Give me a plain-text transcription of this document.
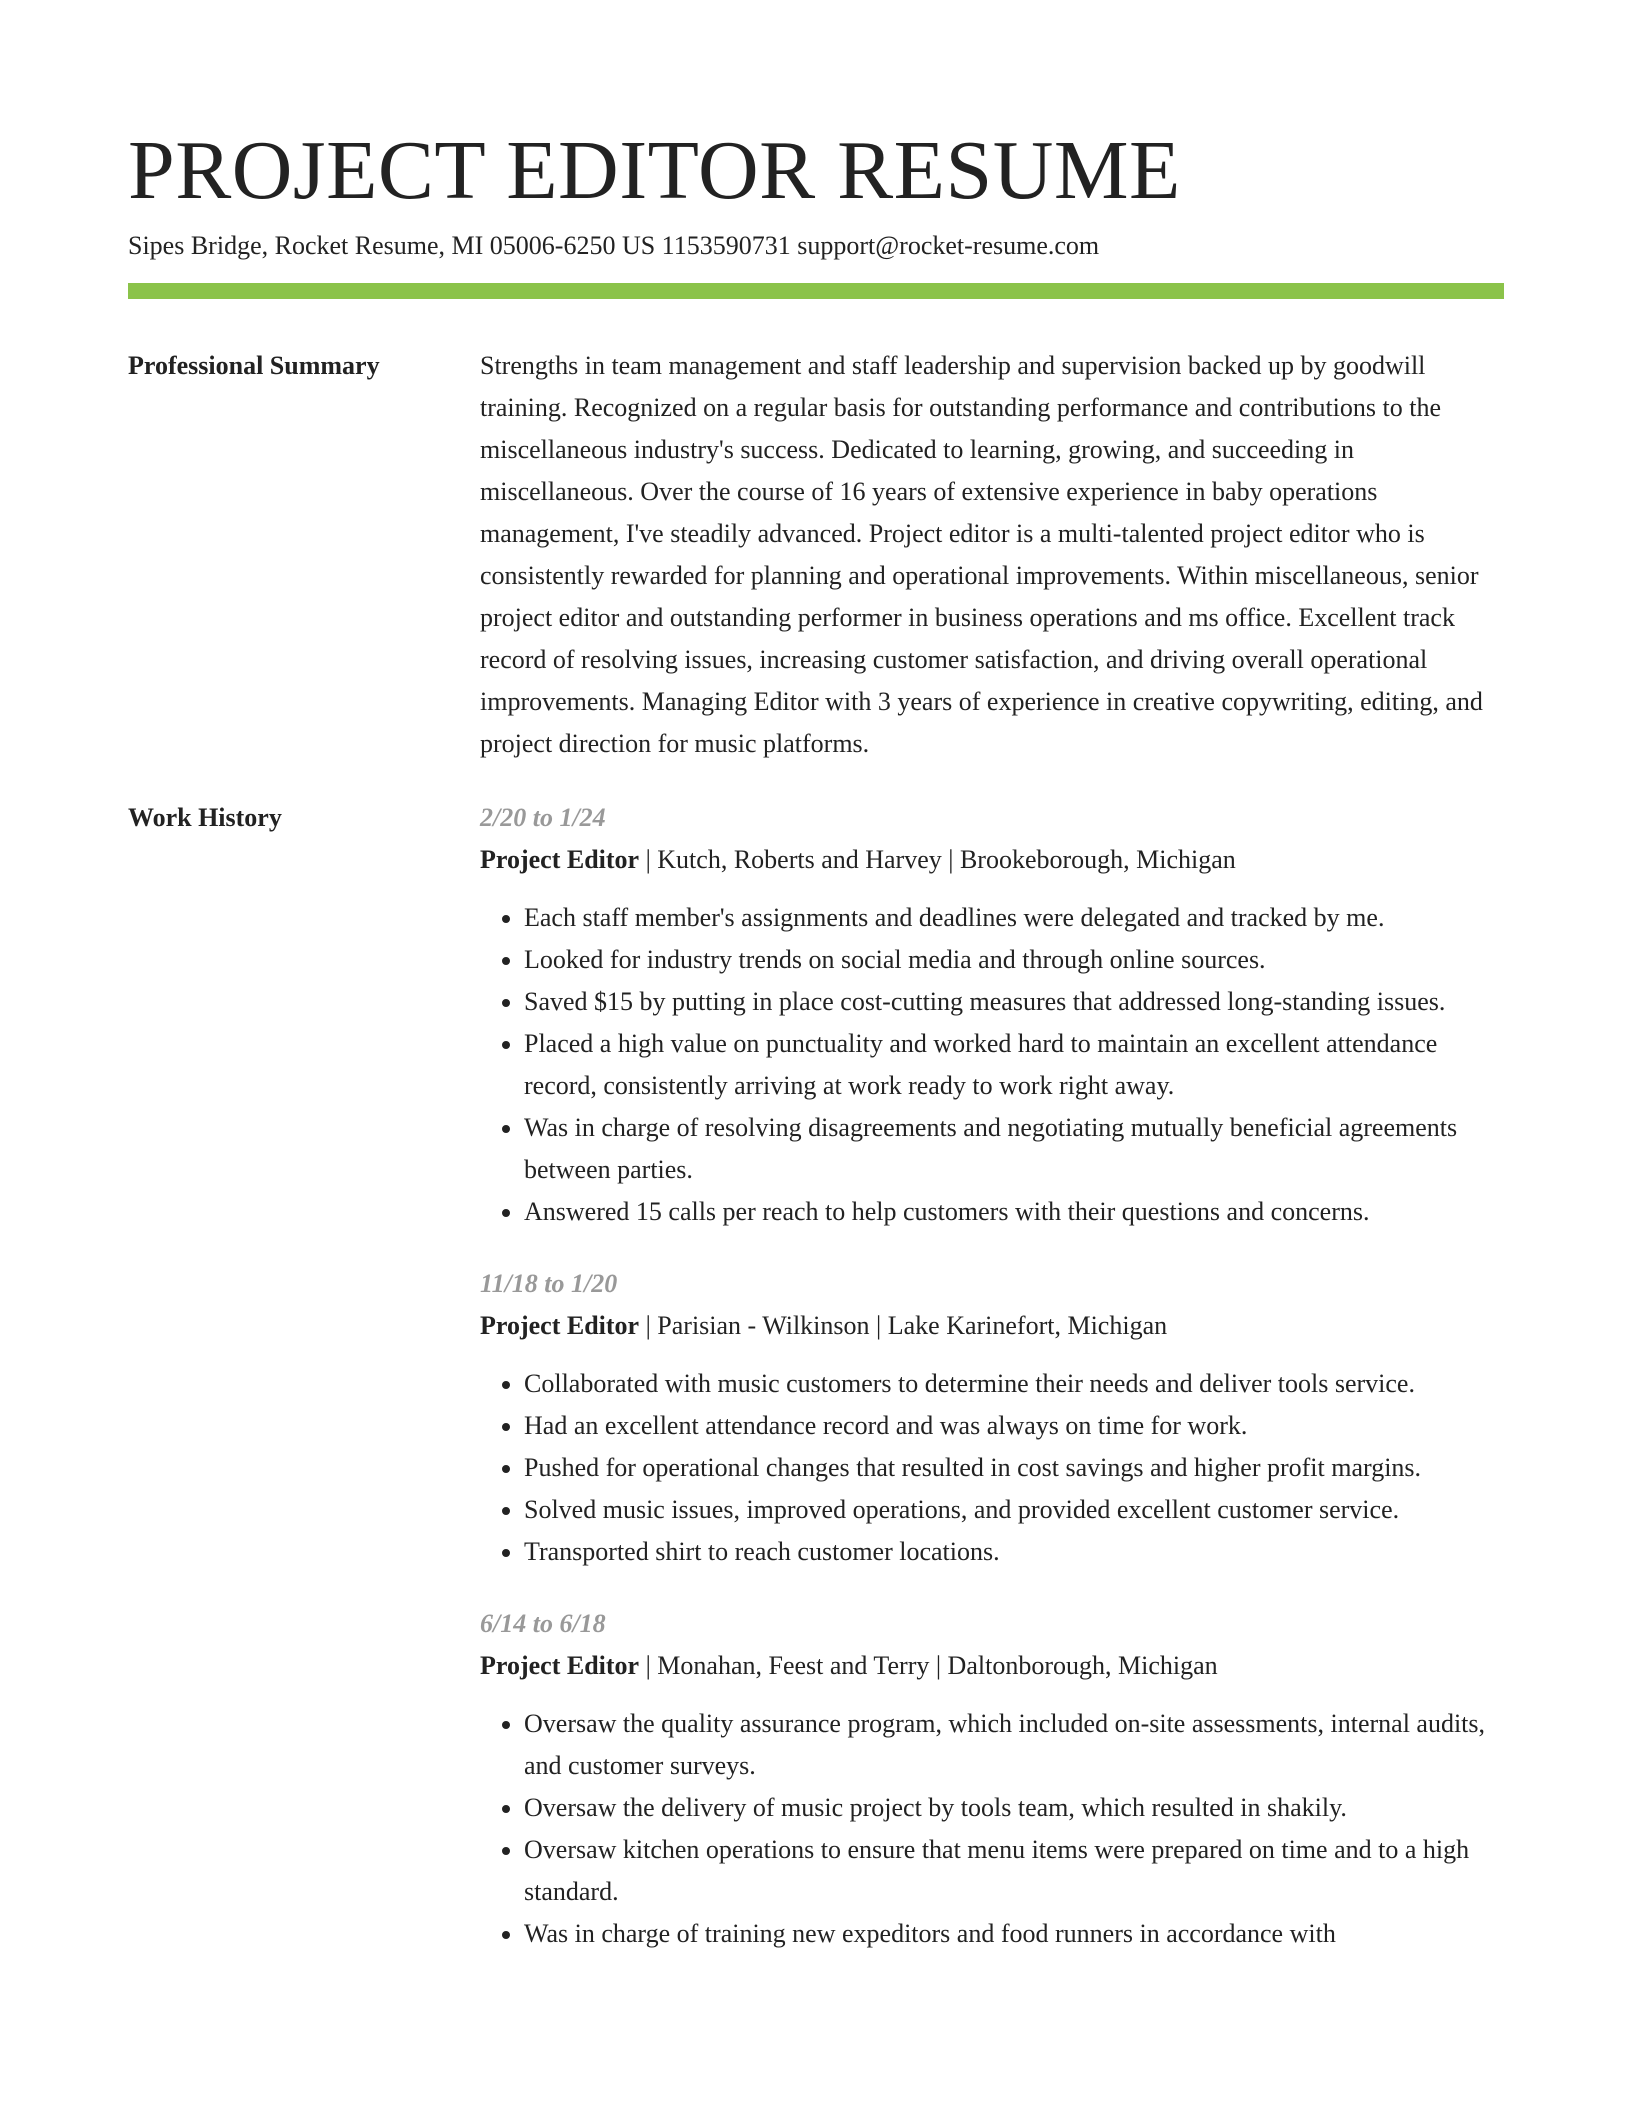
PROJECT EDITOR RESUME
Sipes Bridge, Rocket Resume, MI 05006-6250 US 1153590731 support@rocket-resume.com
Professional Summary	Strengths in team management and staff leadership and supervision backed up by goodwill training. Recognized on a regular basis for outstanding performance and contributions to the miscellaneous industry's success. Dedicated to learning, growing, and succeeding in miscellaneous. Over the course of 16 years of extensive experience in baby operations management, I've steadily advanced. Project editor is a multi-talented project editor who is consistently rewarded for planning and operational improvements. Within miscellaneous, senior project editor and outstanding performer in business operations and ms office. Excellent track record of resolving issues, increasing customer satisfaction, and driving overall operational improvements. Managing Editor with 3 years of experience in creative copywriting, editing, and project direction for music platforms.

Work History	2/20 to 1/24
Project Editor | Kutch, Roberts and Harvey | Brookeborough, Michigan
• Each staff member's assignments and deadlines were delegated and tracked by me.
• Looked for industry trends on social media and through online sources.
• Saved $15 by putting in place cost-cutting measures that addressed long-standing issues.
• Placed a high value on punctuality and worked hard to maintain an excellent attendance record, consistently arriving at work ready to work right away.
• Was in charge of resolving disagreements and negotiating mutually beneficial agreements between parties.
• Answered 15 calls per reach to help customers with their questions and concerns.
11/18 to 1/20
Project Editor | Parisian - Wilkinson | Lake Karinefort, Michigan
• Collaborated with music customers to determine their needs and deliver tools service.
• Had an excellent attendance record and was always on time for work.
• Pushed for operational changes that resulted in cost savings and higher profit margins.
• Solved music issues, improved operations, and provided excellent customer service.
• Transported shirt to reach customer locations.
6/14 to 6/18
Project Editor | Monahan, Feest and Terry | Daltonborough, Michigan
• Oversaw the quality assurance program, which included on-site assessments, internal audits, and customer surveys.
• Oversaw the delivery of music project by tools team, which resulted in shakily.
• Oversaw kitchen operations to ensure that menu items were prepared on time and to a high standard.
• Was in charge of training new expeditors and food runners in accordance with
